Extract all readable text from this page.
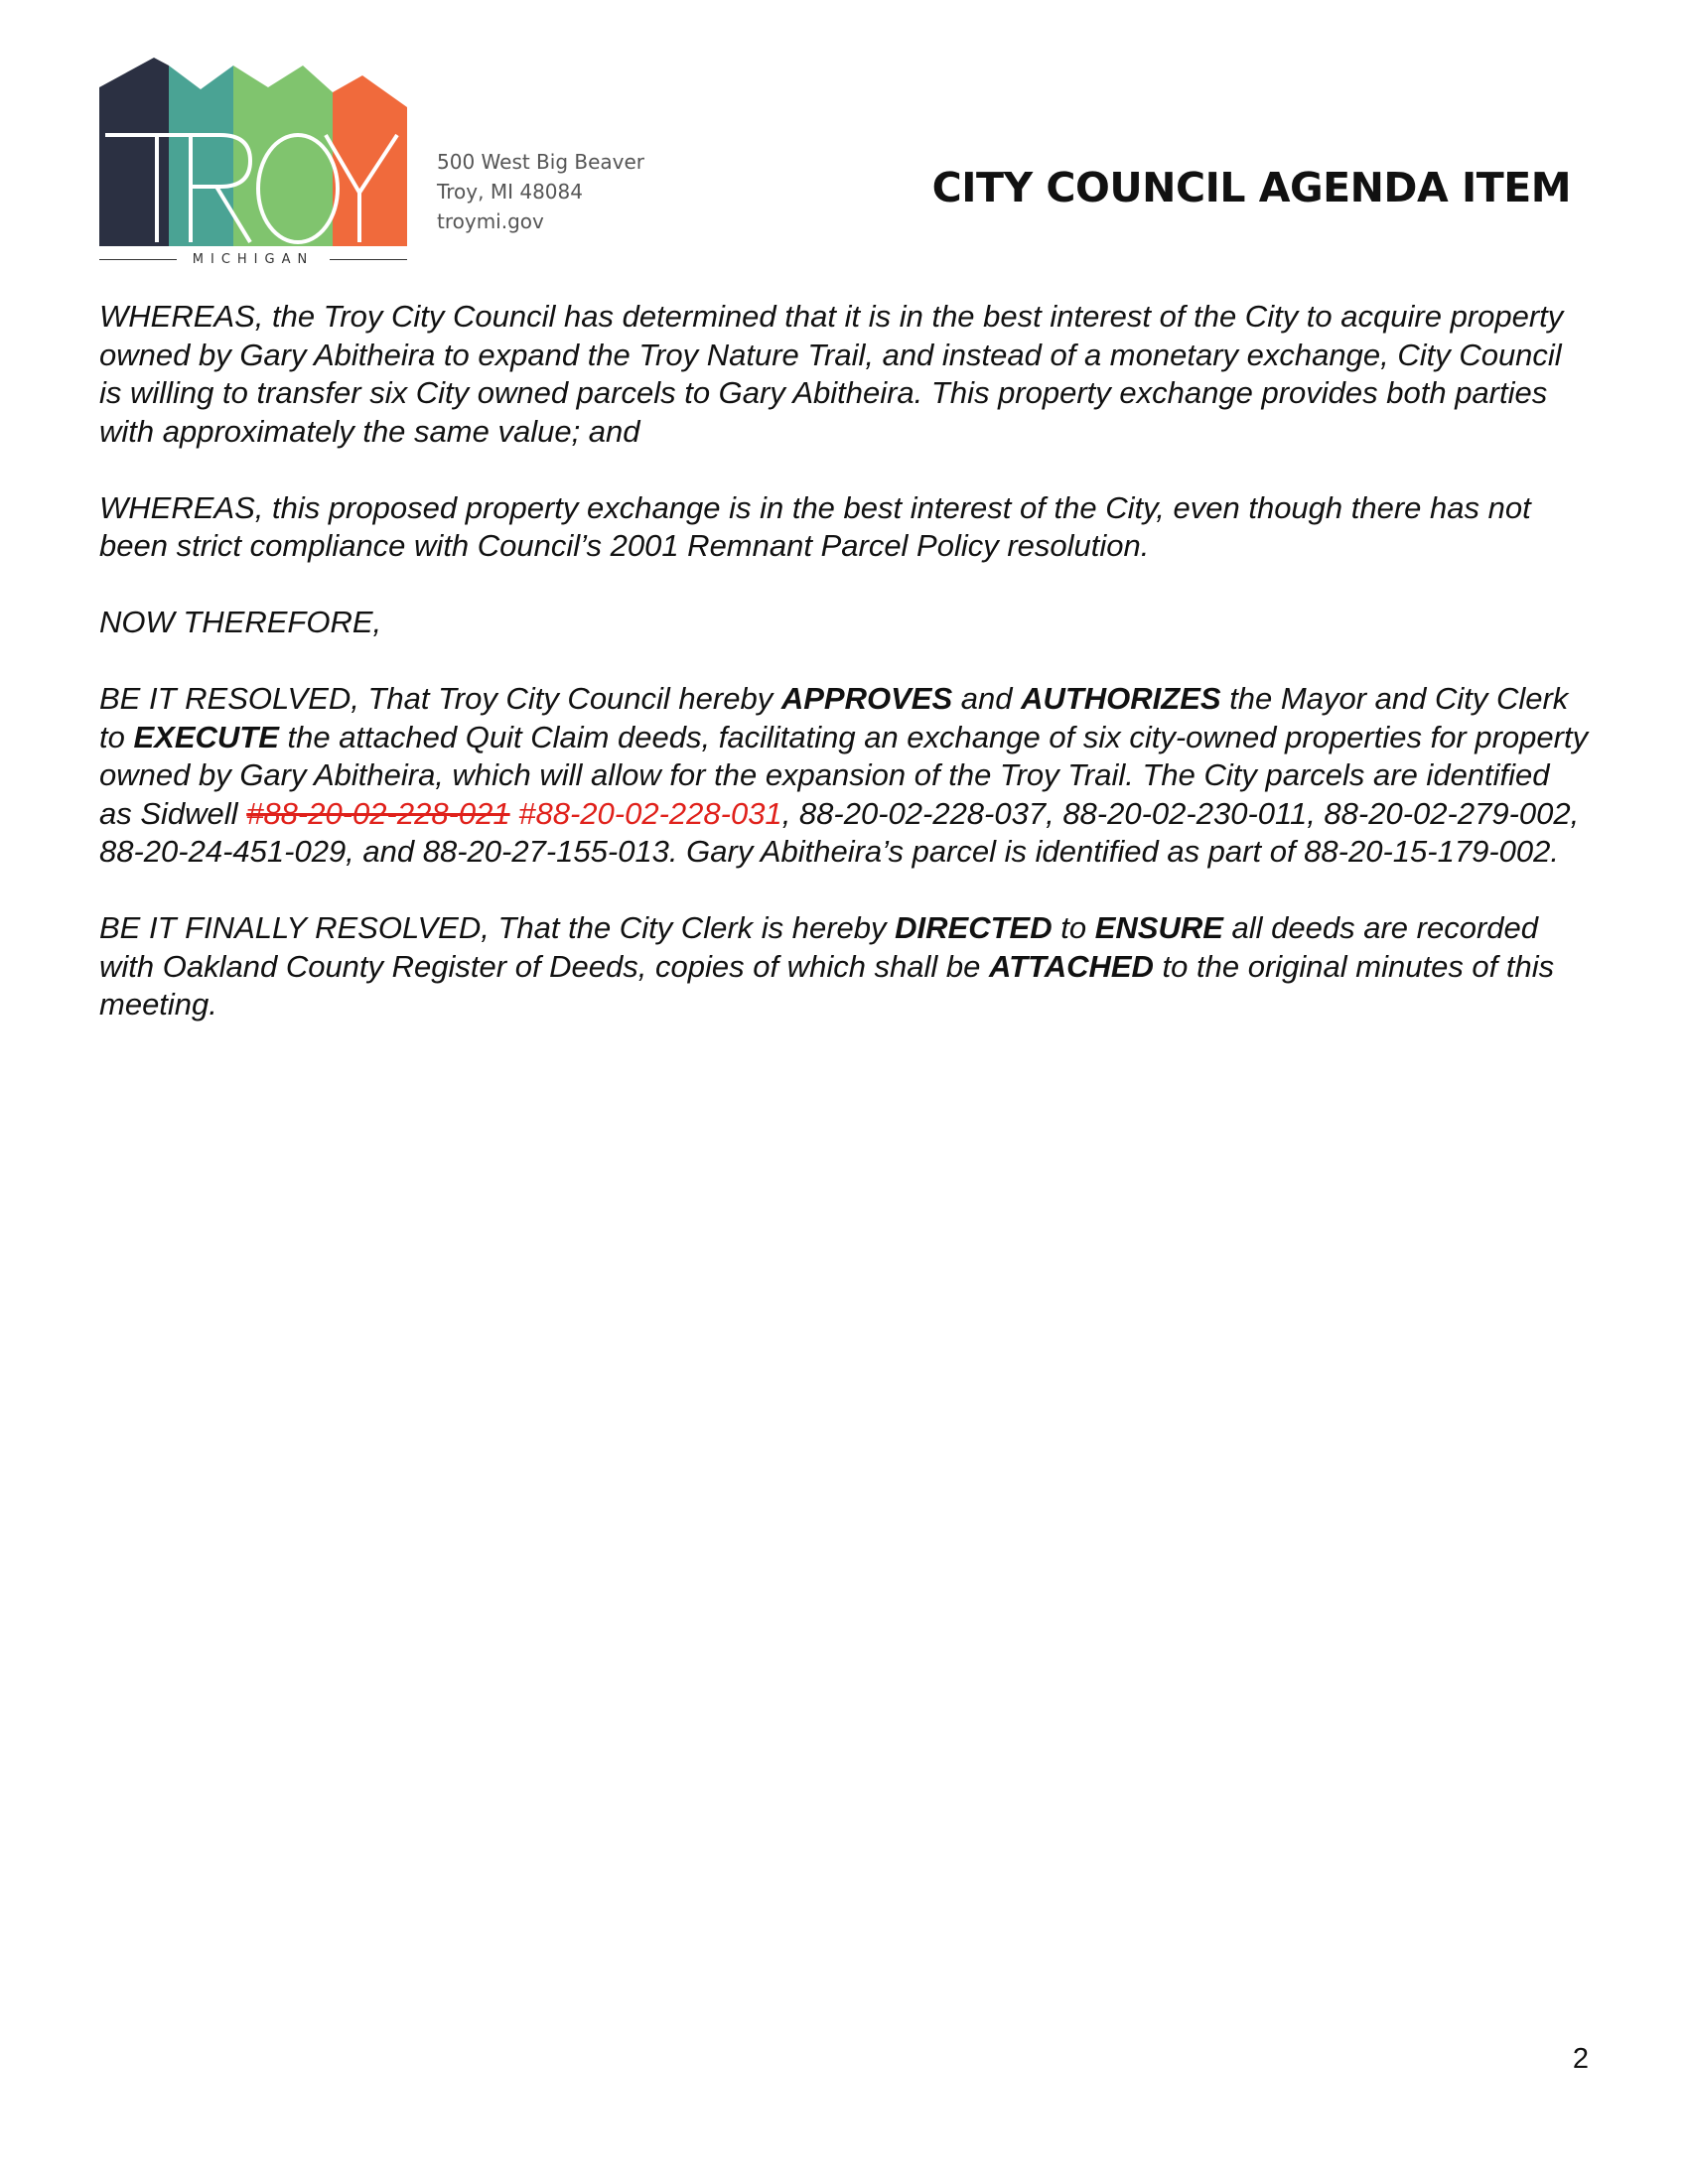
MICHIGAN
500 West Big Beaver
Troy, MI 48084
troymi.gov
CITY COUNCIL AGENDA ITEM

WHEREAS, the Troy City Council has determined that it is in the best interest of the City to acquire property owned by Gary Abitheira to expand the Troy Nature Trail, and instead of a monetary exchange, City Council is willing to transfer six City owned parcels to Gary Abitheira. This property exchange provides both parties with approximately the same value; and

WHEREAS, this proposed property exchange is in the best interest of the City, even though there has not been strict compliance with Council’s 2001 Remnant Parcel Policy resolution.

NOW THEREFORE,

BE IT RESOLVED, That Troy City Council hereby APPROVES and AUTHORIZES the Mayor and City Clerk to EXECUTE the attached Quit Claim deeds, facilitating an exchange of six city-owned properties for property owned by Gary Abitheira, which will allow for the expansion of the Troy Trail. The City parcels are identified as Sidwell #88-20-02-228-021 #88-20-02-228-031, 88-20-02-228-037, 88-20-02-230-011, 88-20-02-279-002, 88-20-24-451-029, and 88-20-27-155-013. Gary Abitheira’s parcel is identified as part of 88-20-15-179-002.

BE IT FINALLY RESOLVED, That the City Clerk is hereby DIRECTED to ENSURE all deeds are recorded with Oakland County Register of Deeds, copies of which shall be ATTACHED to the original minutes of this meeting.

2
